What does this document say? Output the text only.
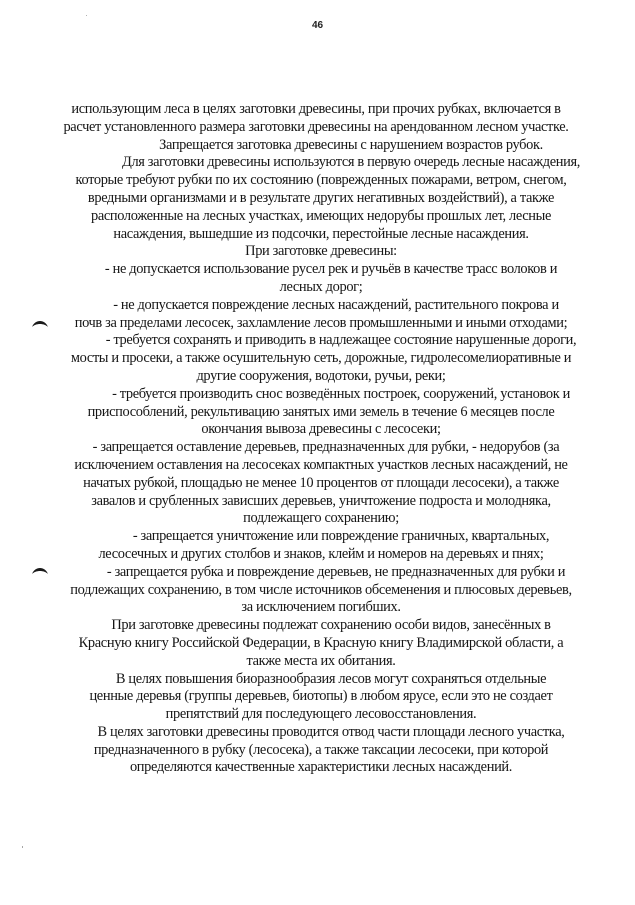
46
использующим леса в целях заготовки древесины, при прочих рубках, включается в
расчет установленного размера заготовки древесины на арендованном лесном участке.
Запрещается заготовка древесины с нарушением возрастов рубок.
Для заготовки древесины используются в первую очередь лесные насаждения,
которые требуют рубки по их состоянию (поврежденных пожарами, ветром, снегом,
вредными организмами и в результате других негативных воздействий), а также
расположенные на лесных участках, имеющих недорубы прошлых лет, лесные
насаждения, вышедшие из подсочки, перестойные лесные насаждения.
При заготовке древесины:
- не допускается использование русел рек и ручьёв в качестве трасс волоков и
лесных дорог;
- не допускается повреждение лесных насаждений, растительного покрова и
почв за пределами лесосек, захламление лесов промышленными и иными отходами;
- требуется сохранять и приводить в надлежащее состояние нарушенные дороги,
мосты и просеки, а также осушительную сеть, дорожные, гидролесомелиоративные и
другие сооружения, водотоки, ручьи, реки;
- требуется производить снос возведённых построек, сооружений, установок и
приспособлений, рекультивацию занятых ими земель в течение 6 месяцев после
окончания вывоза древесины с лесосеки;
- запрещается оставление деревьев, предназначенных для рубки, - недорубов (за
исключением оставления на лесосеках компактных участков лесных насаждений, не
начатых рубкой, площадью не менее 10 процентов от площади лесосеки), а также
завалов и срубленных зависших деревьев, уничтожение подроста и молодняка,
подлежащего сохранению;
- запрещается уничтожение или повреждение граничных, квартальных,
лесосечных и других столбов и знаков, клейм и номеров на деревьях и пнях;
- запрещается рубка и повреждение деревьев, не предназначенных для рубки и
подлежащих сохранению, в том числе источников обсеменения и плюсовых деревьев,
за исключением погибших.
При заготовке древесины подлежат сохранению особи видов, занесённых в
Красную книгу Российской Федерации, в Красную книгу Владимирской области, а
также места их обитания.
В целях повышения биоразнообразия лесов могут сохраняться отдельные
ценные деревья (группы деревьев, биотопы) в любом ярусе, если это не создает
препятствий для последующего лесовосстановления.
В целях заготовки древесины проводится отвод части площади лесного участка,
предназначенного в рубку (лесосека), а также таксации лесосеки, при которой
определяются качественные характеристики лесных насаждений.
